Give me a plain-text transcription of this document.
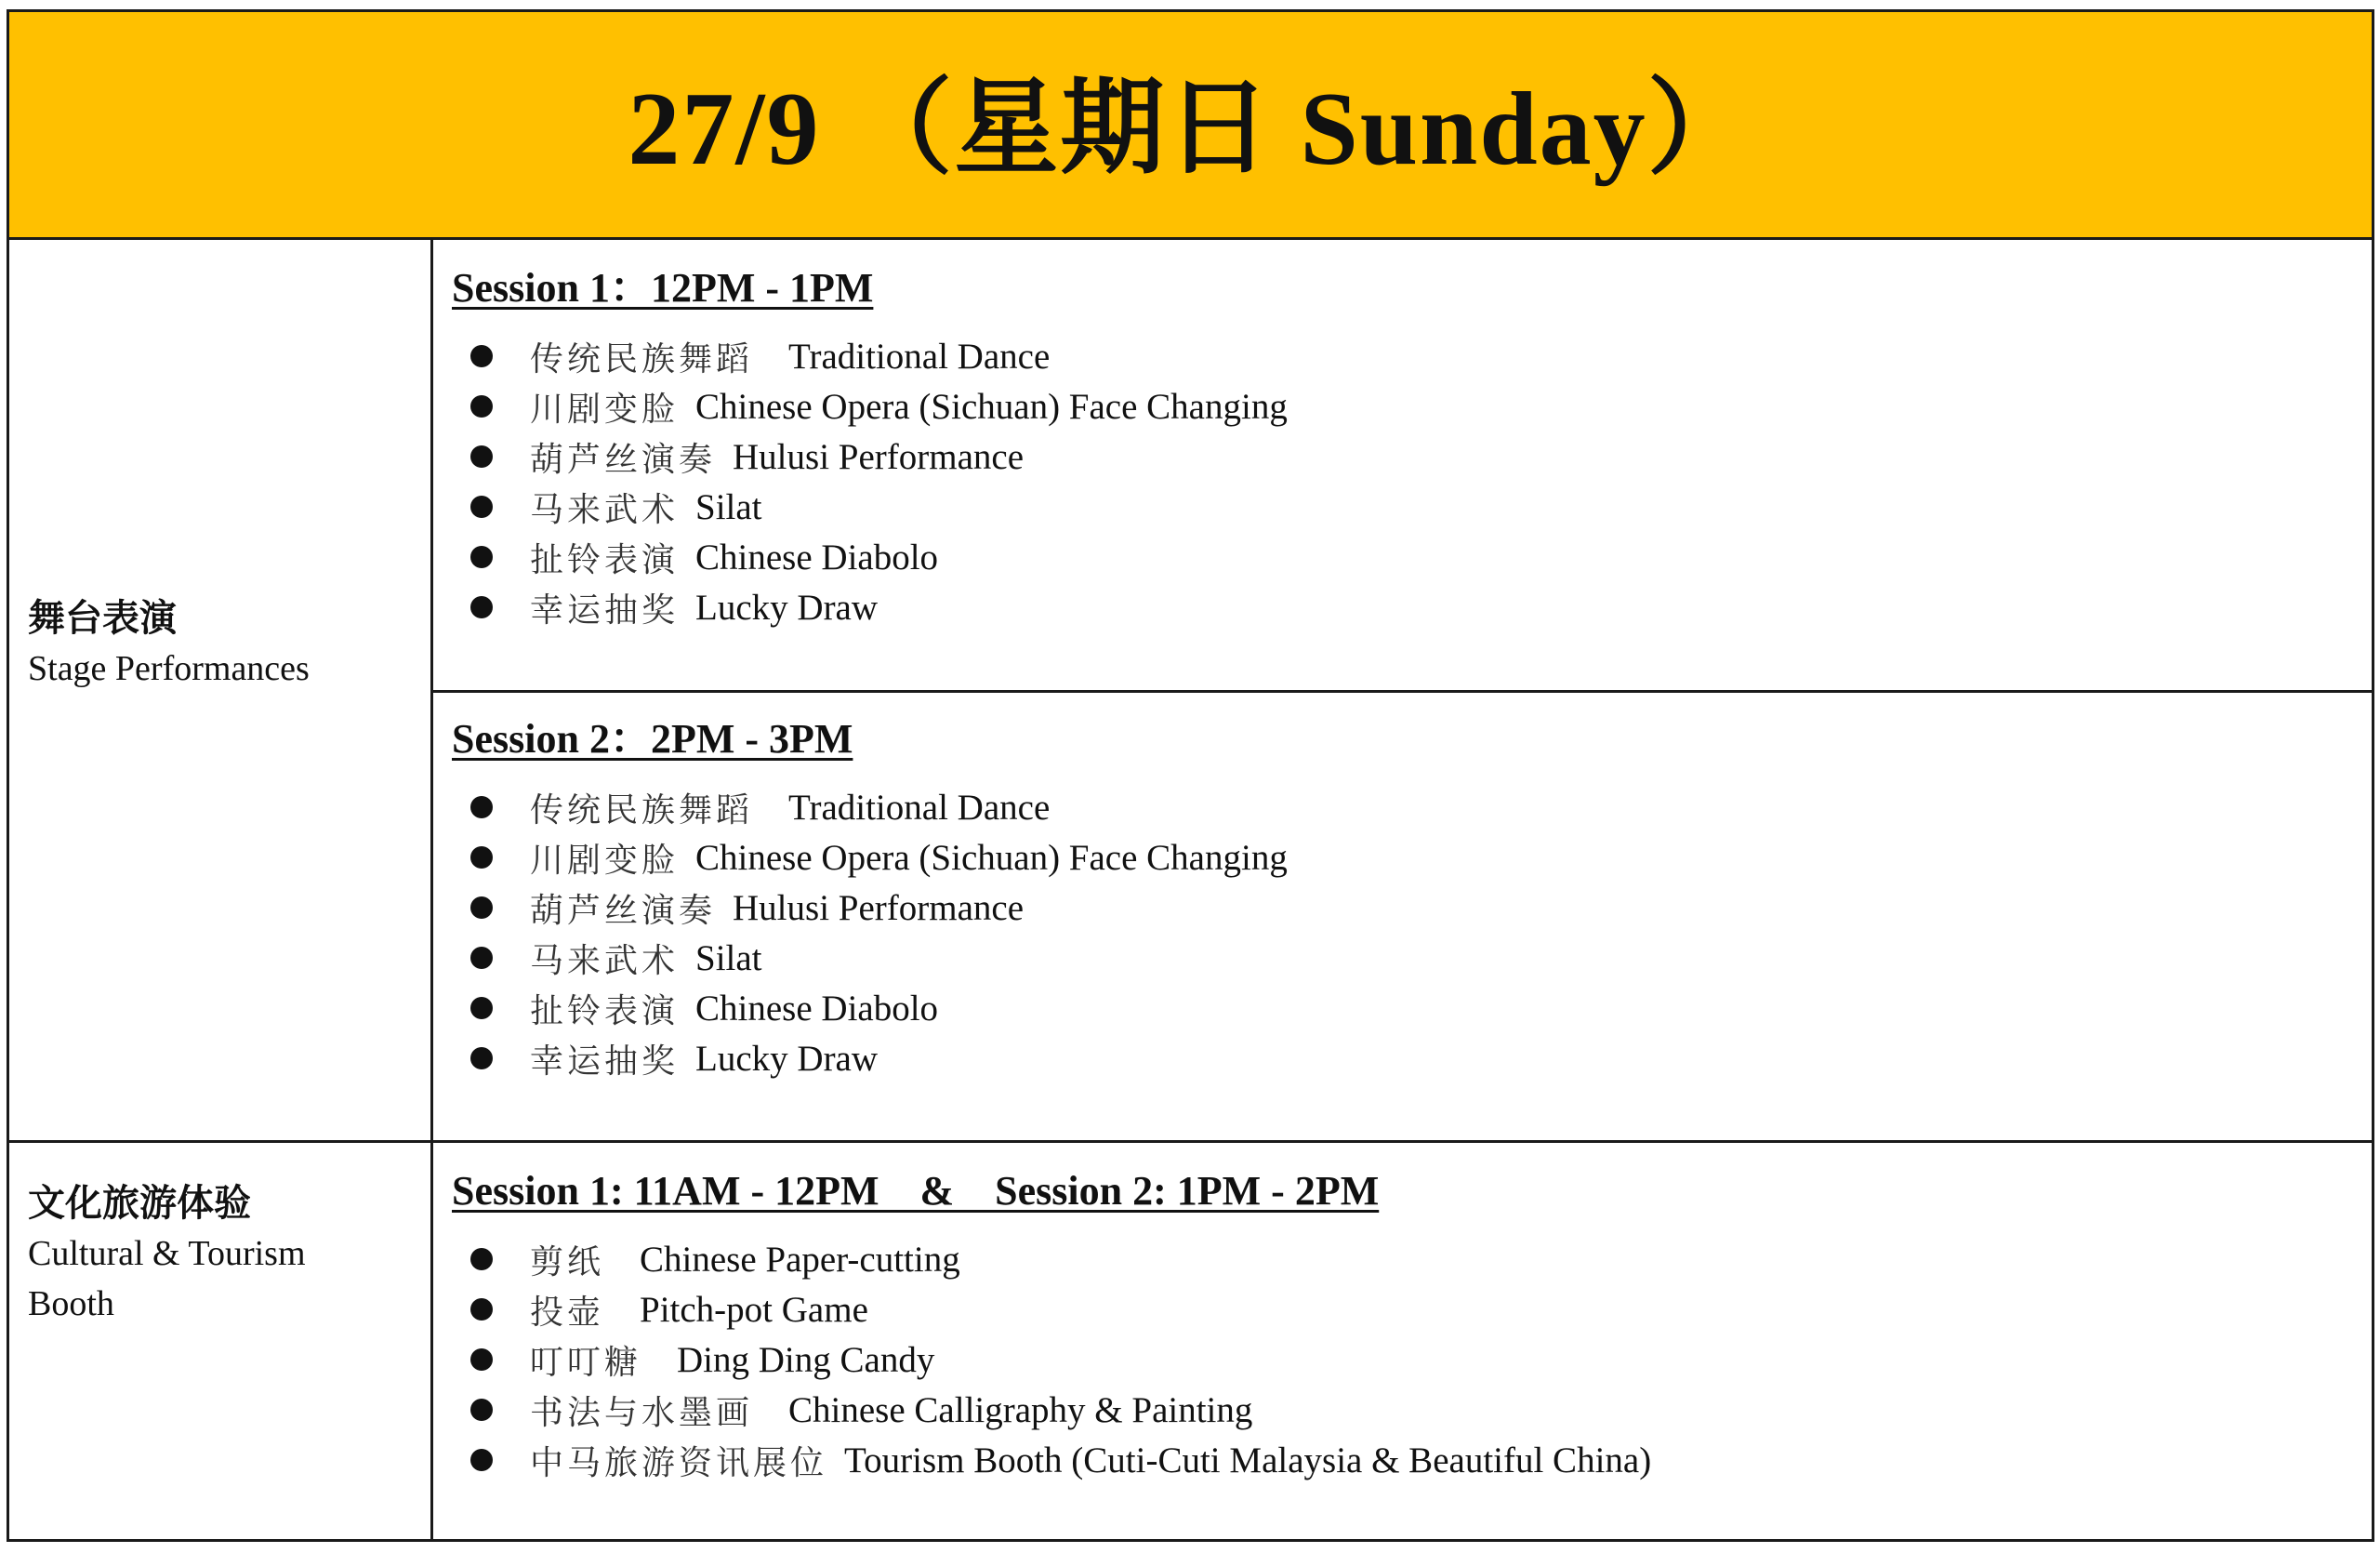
27/9 （星期日 Sunday）
舞台表演
Stage Performances
Session 1：12PM - 1PM
传统民族舞蹈 Traditional Dance
川剧变脸 Chinese Opera (Sichuan) Face Changing
葫芦丝演奏 Hulusi Performance
马来武术 Silat
扯铃表演 Chinese Diabolo
幸运抽奖 Lucky Draw
Session 2：2PM - 3PM
传统民族舞蹈 Traditional Dance
川剧变脸 Chinese Opera (Sichuan) Face Changing
葫芦丝演奏 Hulusi Performance
马来武术 Silat
扯铃表演 Chinese Diabolo
幸运抽奖 Lucky Draw
文化旅游体验
Cultural & Tourism
Booth
Session 1: 11AM - 12PM    &    Session 2: 1PM - 2PM
剪纸 Chinese Paper-cutting
投壶 Pitch-pot Game
叮叮糖 Ding Ding Candy
书法与水墨画 Chinese Calligraphy & Painting
中马旅游资讯展位 Tourism Booth (Cuti-Cuti Malaysia & Beautiful China)
